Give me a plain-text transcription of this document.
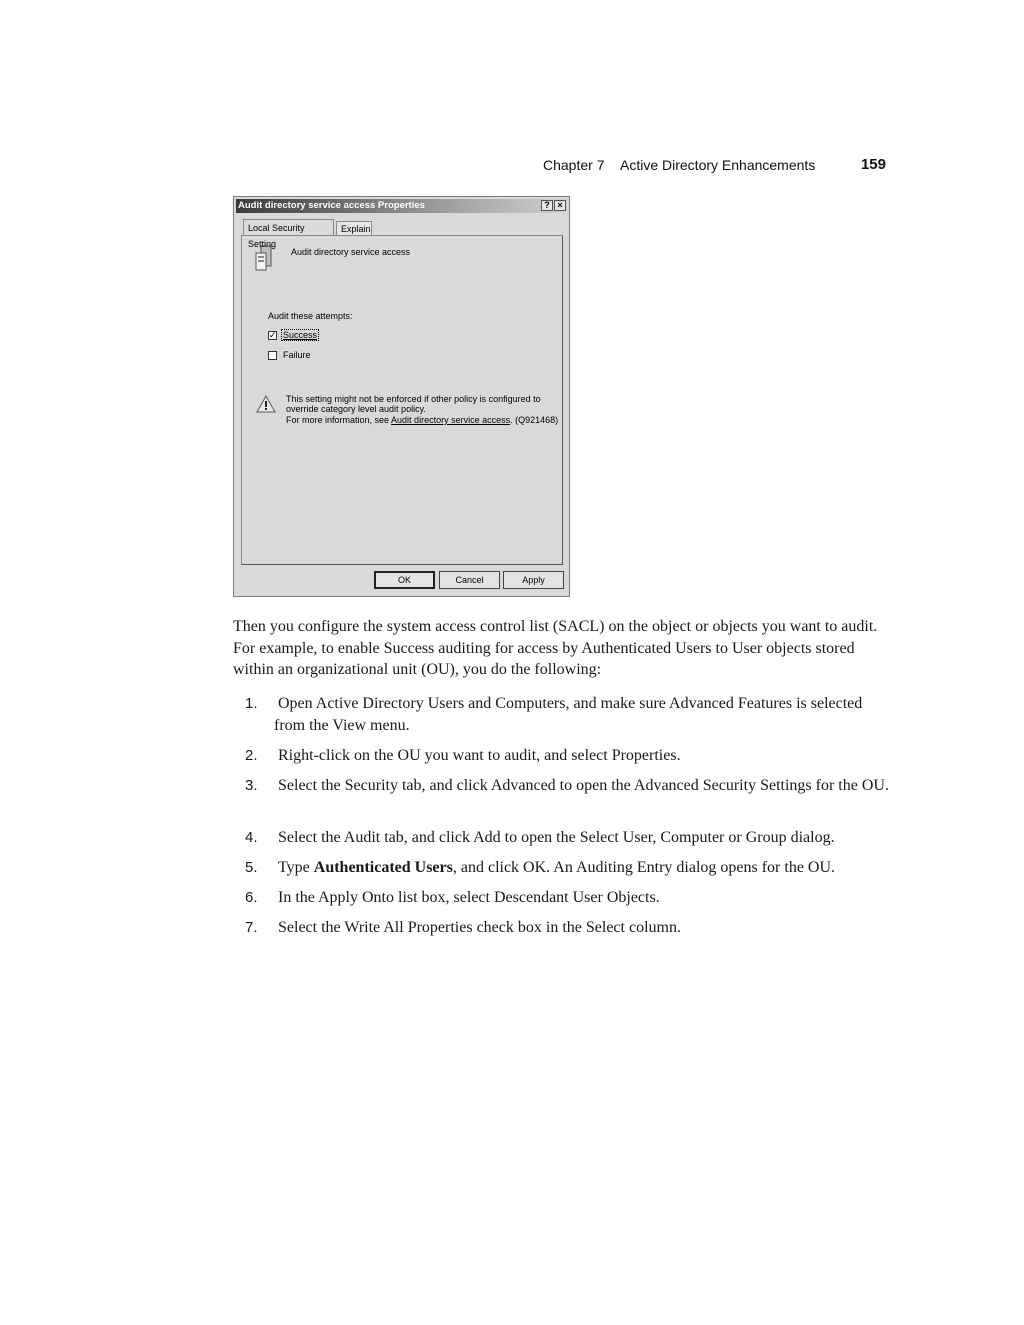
Chapter 7 Active Directory Enhancements	159
Audit directory service access Properties	? ×
Local Security Setting
Explain
Audit directory service access
Audit these attempts:
✓ Success
Failure
This setting might not be enforced if other policy is configured to
override category level audit policy.
For more information, see Audit directory service access. (Q921468)
OK	Cancel	Apply
Then you configure the system access control list (SACL) on the object or objects you want to audit. For example, to enable Success auditing for access by Authenticated Users to User objects stored within an organizational unit (OU), you do the following:
1. Open Active Directory Users and Computers, and make sure Advanced Features is selected from the View menu.
2. Right-click on the OU you want to audit, and select Properties.
3. Select the Security tab, and click Advanced to open the Advanced Security Settings for the OU.
4. Select the Audit tab, and click Add to open the Select User, Computer or Group dialog.
5. Type Authenticated Users, and click OK. An Auditing Entry dialog opens for the OU.
6. In the Apply Onto list box, select Descendant User Objects.
7. Select the Write All Properties check box in the Select column.
